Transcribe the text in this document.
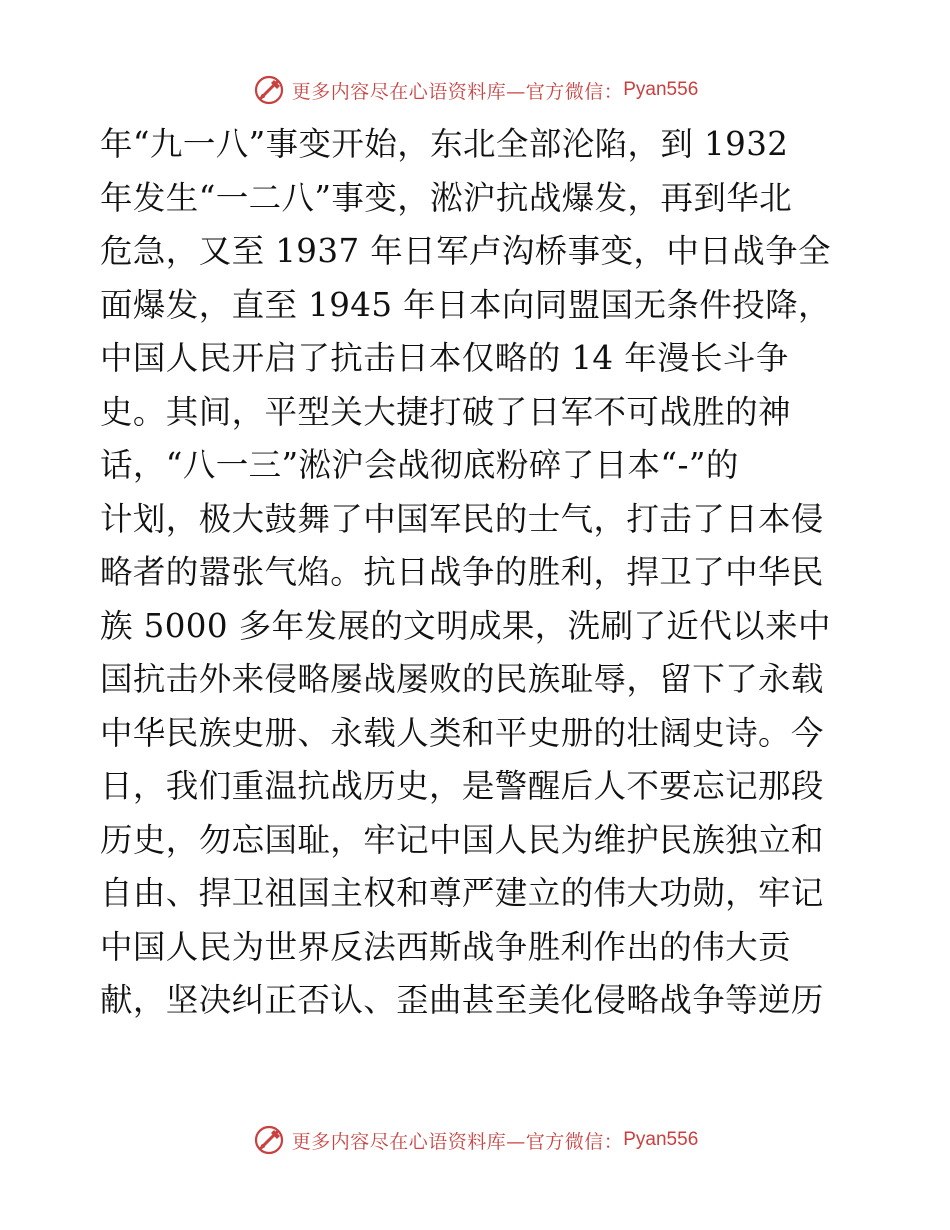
更多内容尽在心语资料库—官方微信： Pyan556
年“九一八”事变开始，东北全部沦陷，到 1932
年发生“一二八”事变，淞沪抗战爆发，再到华北
危急，又至 1937 年日军卢沟桥事变，中日战争全
面爆发，直至 1945 年日本向同盟国无条件投降，
中国人民开启了抗击日本仅略的 14 年漫长斗争
史。其间，平型关大捷打破了日军不可战胜的神
话，“八一三”淞沪会战彻底粉碎了日本“-”的
计划，极大鼓舞了中国军民的士气，打击了日本侵
略者的嚣张气焰。抗日战争的胜利，捍卫了中华民
族 5000 多年发展的文明成果，洗刷了近代以来中
国抗击外来侵略屡战屡败的民族耻辱，留下了永载
中华民族史册、永载人类和平史册的壮阔史诗。今
日，我们重温抗战历史，是警醒后人不要忘记那段
历史，勿忘国耻，牢记中国人民为维护民族独立和
自由、捍卫祖国主权和尊严建立的伟大功勋，牢记
中国人民为世界反法西斯战争胜利作出的伟大贡
献，坚决纠正否认、歪曲甚至美化侵略战争等逆历
更多内容尽在心语资料库—官方微信： Pyan556
